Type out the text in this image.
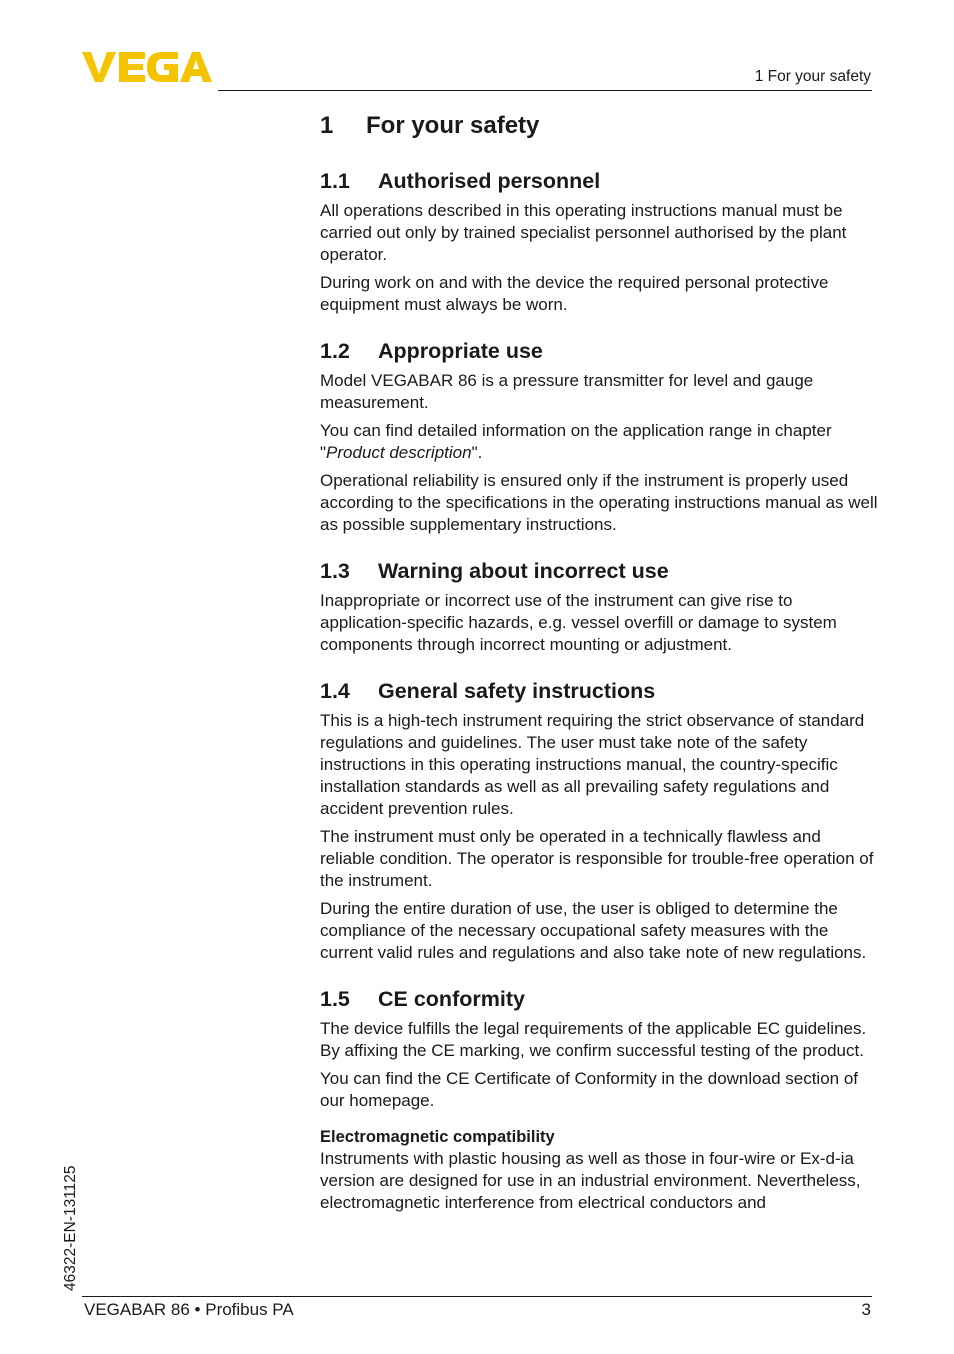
1 For your safety
1 For your safety
1.1 Authorised personnel

All operations described in this operating instructions manual must be carried out only by trained specialist personnel authorised by the plant operator.

During work on and with the device the required personal protective equipment must always be worn.

1.2 Appropriate use

Model VEGABAR 86 is a pressure transmitter for level and gauge measurement.

You can find detailed information on the application range in chapter "Product description".

Operational reliability is ensured only if the instrument is properly used according to the specifications in the operating instructions manual as well as possible supplementary instructions.

1.3 Warning about incorrect use

Inappropriate or incorrect use of the instrument can give rise to application-specific hazards, e.g. vessel overfill or damage to system components through incorrect mounting or adjustment.

1.4 General safety instructions

This is a high-tech instrument requiring the strict observance of standard regulations and guidelines. The user must take note of the safety instructions in this operating instructions manual, the country-specific installation standards as well as all prevailing safety regulations and accident prevention rules.

The instrument must only be operated in a technically flawless and reliable condition. The operator is responsible for trouble-free operation of the instrument.

During the entire duration of use, the user is obliged to determine the compliance of the necessary occupational safety measures with the current valid rules and regulations and also take note of new regulations.

1.5 CE conformity

The device fulfills the legal requirements of the applicable EC guidelines. By affixing the CE marking, we confirm successful testing of the product.

You can find the CE Certificate of Conformity in the download section of our homepage.

Electromagnetic compatibility

Instruments with plastic housing as well as those in four-wire or Ex-d-ia version are designed for use in an industrial environment. Nevertheless, electromagnetic interference from electrical conductors and

46322-EN-131125
VEGABAR 86 • Profibus PA	3
